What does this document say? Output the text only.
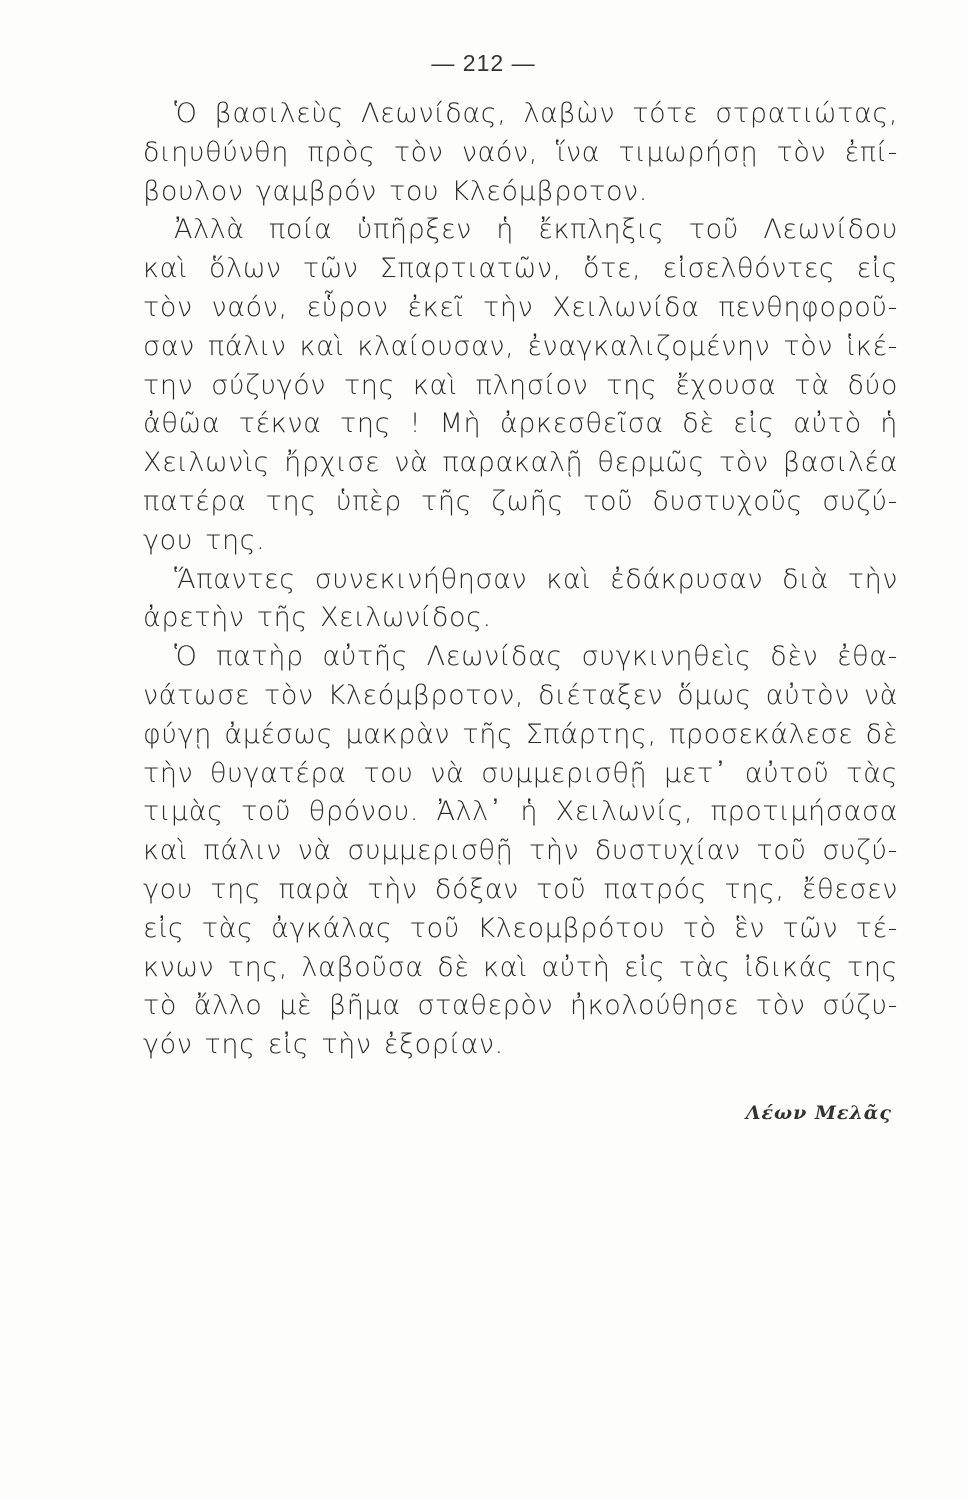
— 212 —

Ὁ βασιλεὺς Λεωνίδας, λαβὼν τότε στρατιώτας,
διηυθύνθη πρὸς τὸν ναόν, ἵνα τιμωρήσῃ τὸν ἐπί-
βουλον γαμβρόν του Κλεόμβροτον.

Ἀλλὰ ποία ὑπῆρξεν ἡ ἔκπληξις τοῦ Λεωνίδου
καὶ ὅλων τῶν Σπαρτιατῶν, ὅτε, εἰσελθόντες εἰς
τὸν ναόν, εὗρον ἐκεῖ τὴν Χειλωνίδα πενθηφοροῦ-
σαν πάλιν καὶ κλαίουσαν, ἐναγκαλιζομένην τὸν ἱκέ-
την σύζυγόν της καὶ πλησίον της ἔχουσα τὰ δύο
ἀθῶα τέκνα της ! Μὴ ἀρκεσθεῖσα δὲ εἰς αὐτὸ ἡ
Χειλωνὶς ἤρχισε νὰ παρακαλῇ θερμῶς τὸν βασιλέα
πατέρα της ὑπὲρ τῆς ζωῆς τοῦ δυστυχοῦς συζύ-
γου της.

Ἅπαντες συνεκινήθησαν καὶ ἐδάκρυσαν διὰ τὴν
ἀρετὴν τῆς Χειλωνίδος.

Ὁ πατὴρ αὐτῆς Λεωνίδας συγκινηθεὶς δὲν ἐθα-
νάτωσε τὸν Κλεόμβροτον, διέταξεν ὅμως αὐτὸν νὰ
φύγῃ ἀμέσως μακρὰν τῆς Σπάρτης, προσεκάλεσε δὲ
τὴν θυγατέρα του νὰ συμμερισθῇ μετ᾽ αὐτοῦ τὰς
τιμὰς τοῦ θρόνου. Ἀλλ᾽ ἡ Χειλωνίς, προτιμήσασα
καὶ πάλιν νὰ συμμερισθῇ τὴν δυστυχίαν τοῦ συζύ-
γου της παρὰ τὴν δόξαν τοῦ πατρός της, ἔθεσεν
εἰς τὰς ἀγκάλας τοῦ Κλεομβρότου τὸ ἓν τῶν τέ-
κνων της, λαβοῦσα δὲ καὶ αὐτὴ εἰς τὰς ἰδικάς της
τὸ ἄλλο μὲ βῆμα σταθερὸν ἠκολούθησε τὸν σύζυ-
γόν της εἰς τὴν ἐξορίαν.

Λέων Μελᾶς
